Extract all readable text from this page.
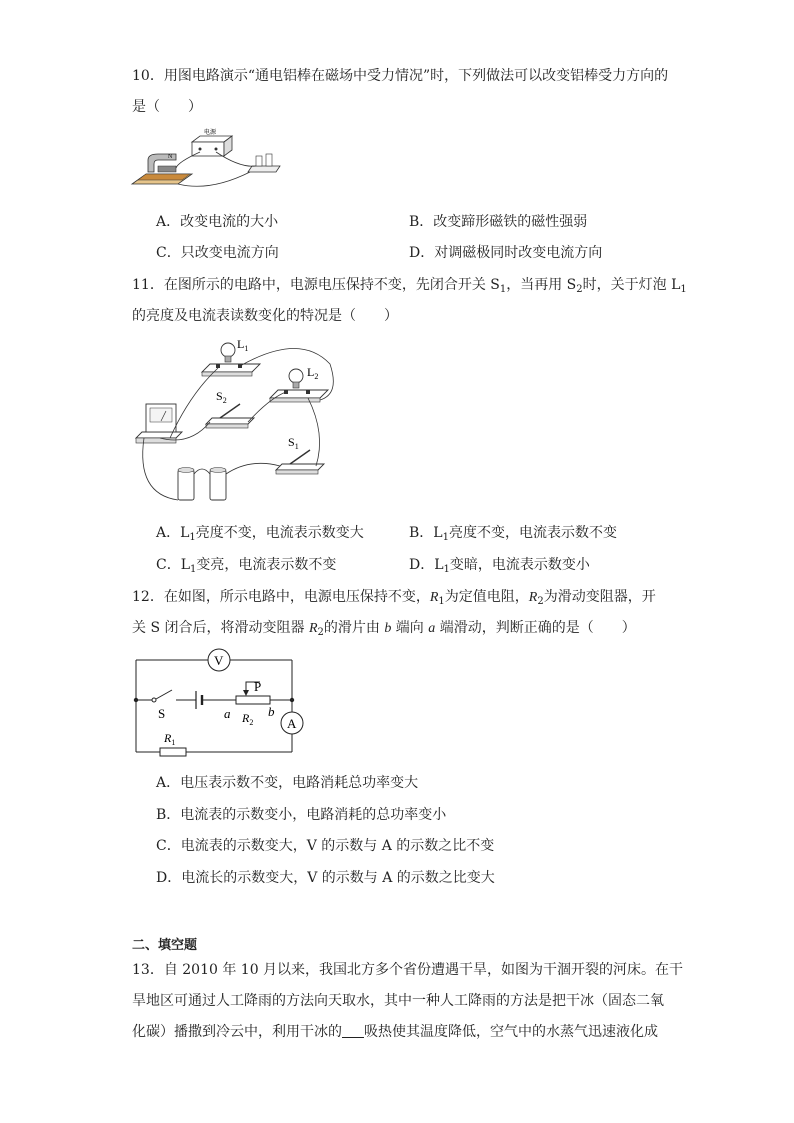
10．用图电路演示“通电铝棒在磁场中受力情况”时，下列做法可以改变铝棒受力方向的
是（　　）
N
电源
A．改变电流的大小	B．改变蹄形磁铁的磁性强弱
C．只改变电流方向	D．对调磁极同时改变电流方向
11．在图所示的电路中，电源电压保持不变，先闭合开关 $S_1$，当再用 $S_2$时，关于灯泡 $L_1$
的亮度及电流表读数变化的特况是（　　）
$L_1$
$L_2$
$S_2$
$S_1$
A．$L_1$亮度不变，电流表示数变大	B．$L_1$亮度不变，电流表示数不变
C．$L_1$变亮，电流表示数不变	D．$L_1$变暗，电流表示数变小
12．在如图，所示电路中，电源电压保持不变，$R_1$为定值电阻，$R_2$为滑动变阻器，开
关 S 闭合后，将滑动变阻器 $R_2$的滑片由 b 端向 a 端滑动，判断正确的是（　　）
V
A
P
S	a	b
$R_2$
$R_1$
A．电压表示数不变，电路消耗总功率变大
B．电流表的示数变小，电路消耗的总功率变小
C．电流表的示数变大，V 的示数与 A 的示数之比不变
D．电流长的示数变大，V 的示数与 A 的示数之比变大
二、填空题
13．自 2010 年 10 月以来，我国北方多个省份遭遇干旱，如图为干涸开裂的河床。在干
旱地区可通过人工降雨的方法向天取水，其中一种人工降雨的方法是把干冰（固态二氧
化碳）播撒到冷云中，利用干冰的 吸热使其温度降低，空气中的水蒸气迅速液化成
